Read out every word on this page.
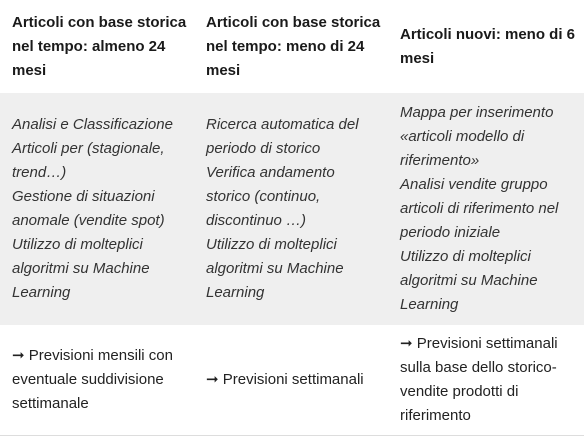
Articoli con base storica nel tempo: almeno 24 mesi
Articoli con base storica nel tempo: meno di 24 mesi
Articoli nuovi: meno di 6 mesi
Analisi e Classificazione Articoli per (stagionale, trend…)
Gestione di situazioni anomale (vendite spot)
Utilizzo di molteplici algoritmi su Machine Learning
Ricerca automatica del periodo di storico
Verifica andamento storico (continuo, discontinuo …)
Utilizzo di molteplici algoritmi su Machine Learning
Mappa per inserimento «articoli modello di riferimento»
Analisi vendite gruppo articoli di riferimento nel periodo iniziale
Utilizzo di molteplici algoritmi su Machine Learning
➞ Previsioni mensili con eventuale suddivisione settimanale
➞ Previsioni settimanali
➞ Previsioni settimanali sulla base dello storico-vendite prodotti di riferimento
